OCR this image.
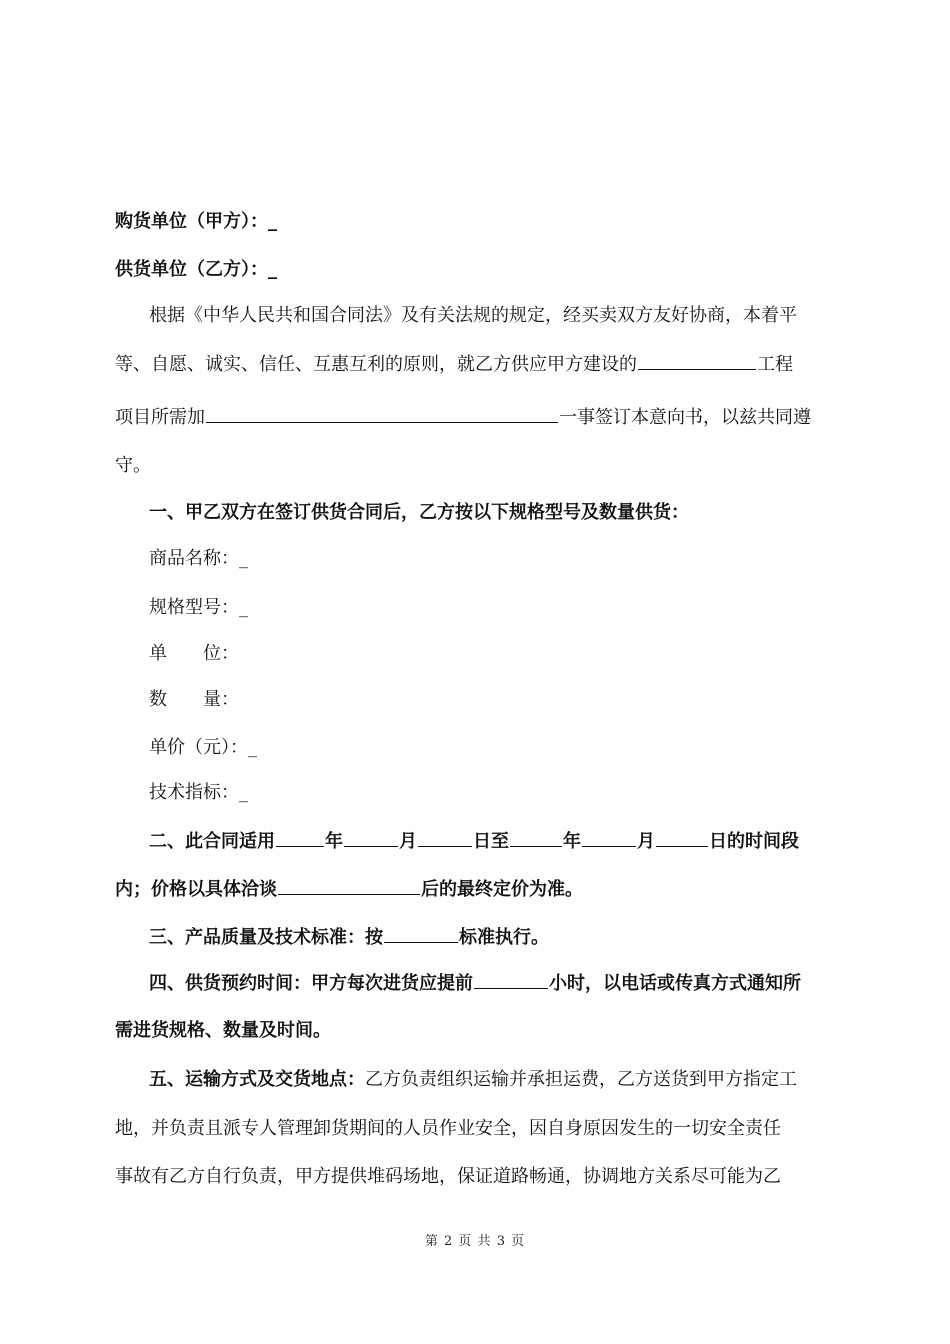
购货单位（甲方）：_
供货单位（乙方）：_
根据《中华人民共和国合同法》及有关法规的规定，经买卖双方友好协商，本着平
等、自愿、诚实、信任、互惠互利的原则，就乙方供应甲方建设的	工程
项目所需加	一事签订本意向书，以兹共同遵
守。
一、甲乙双方在签订供货合同后，乙方按以下规格型号及数量供货：
商品名称：_
规格型号：_
单　　位：
数　　量：
单价（元）：_
技术指标：_
二、此合同适用	年	月	日至	年	月	日的时间段
内；价格以具体洽谈	后的最终定价为准。
三、产品质量及技术标准：按	标准执行。
四、供货预约时间：甲方每次进货应提前	小时，以电话或传真方式通知所
需进货规格、数量及时间。
五、运输方式及交货地点：乙方负责组织运输并承担运费，乙方送货到甲方指定工
地，并负责且派专人管理卸货期间的人员作业安全，因自身原因发生的一切安全责任
事故有乙方自行负责，甲方提供堆码场地，保证道路畅通，协调地方关系尽可能为乙
第 2 页 共 3 页
